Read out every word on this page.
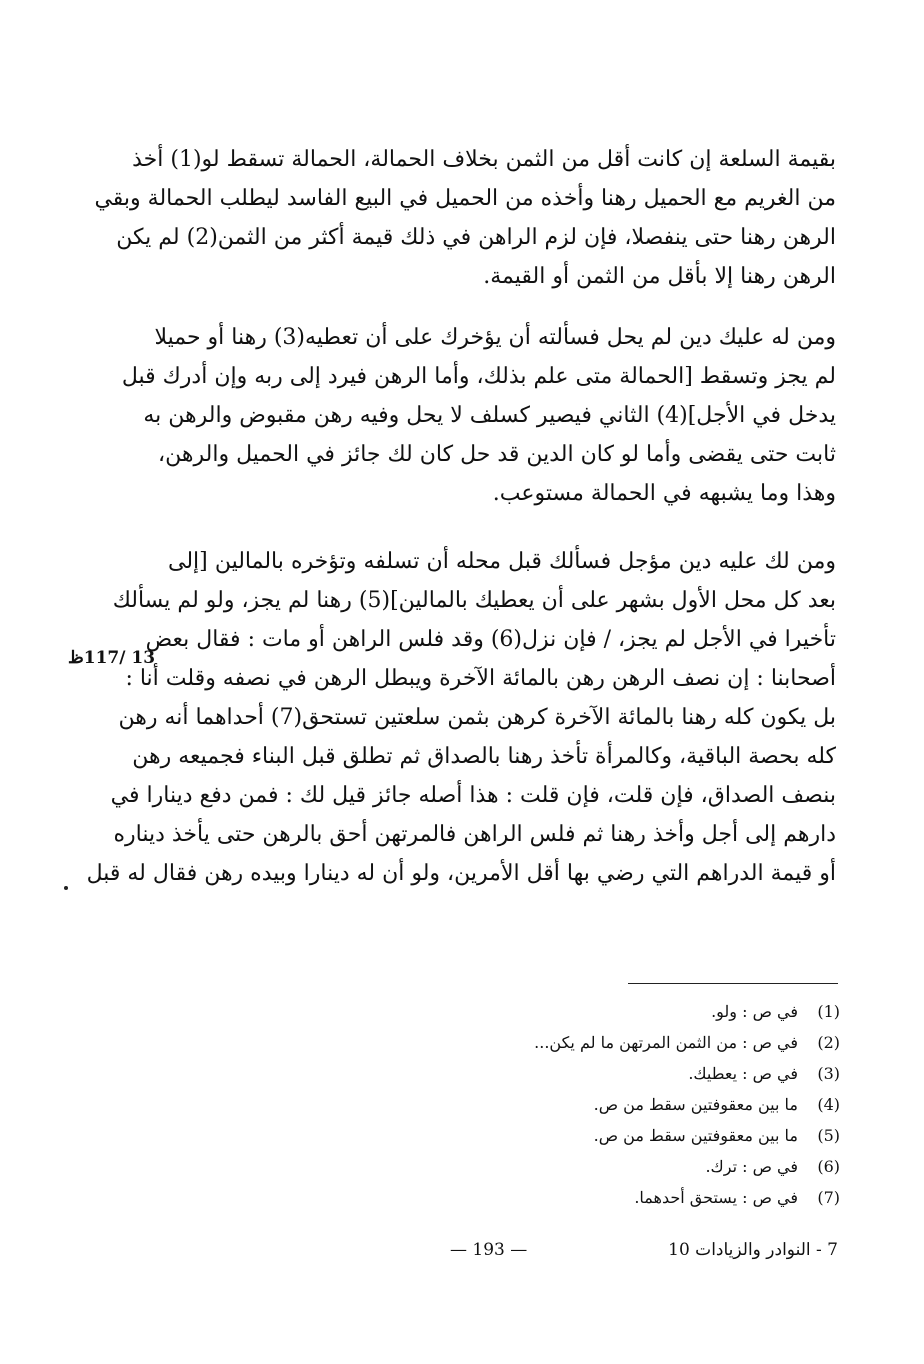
بقيمة السلعة إن كانت أقل من الثمن بخلاف الحمالة، الحمالة تسقط لو(1) أخذ
من الغريم مع الحميل رهنا وأخذه من الحميل في البيع الفاسد ليطلب الحمالة وبقي
الرهن رهنا حتى ينفصلا، فإن لزم الراهن في ذلك قيمة أكثر من الثمن(2) لم يكن
الرهن رهنا إلا بأقل من الثمن أو القيمة.
ومن له عليك دين لم يحل فسألته أن يؤخرك على أن تعطيه(3) رهنا أو حميلا
لم يجز وتسقط [الحمالة متى علم بذلك، وأما الرهن فيرد إلى ربه وإن أدرك قبل
يدخل في الأجل](4) الثاني فيصير كسلف لا يحل وفيه رهن مقبوض والرهن به
ثابت حتى يقضى وأما لو كان الدين قد حل كان لك جائز في الحميل والرهن،
وهذا وما يشبهه في الحمالة مستوعب.
ومن لك عليه دين مؤجل فسألك قبل محله أن تسلفه وتؤخره بالمالين [إلى
بعد كل محل الأول بشهر على أن يعطيك بالمالين](5) رهنا لم يجز، ولو لم يسألك
تأخيرا في الأجل لم يجز، / فإن نزل(6) وقد فلس الراهن أو مات : فقال بعض
أصحابنا : إن نصف الرهن رهن بالمائة الآخرة ويبطل الرهن في نصفه وقلت أنا :
بل يكون كله رهنا بالمائة الآخرة كرهن بثمن سلعتين تستحق(7) أحداهما أنه رهن
كله بحصة الباقية، وكالمرأة تأخذ رهنا بالصداق ثم تطلق قبل البناء فجميعه رهن
بنصف الصداق، فإن قلت، فإن قلت : هذا أصله جائز قيل لك : فمن دفع دينارا في
دارهم إلى أجل وأخذ رهنا ثم فلس الراهن فالمرتهن أحق بالرهن حتى يأخذ ديناره
أو قيمة الدراهم التي رضي بها أقل الأمرين، ولو أن له دينارا وبيده رهن فقال له قبل
13 /117ظ
(1)في ص : ولو.
(2)في ص : من الثمن المرتهن ما لم يكن...
(3)في ص : يعطيك.
(4)ما بين معقوفتين سقط من ص.
(5)ما بين معقوفتين سقط من ص.
(6)في ص : ترك.
(7)في ص : يستحق أحدهما.
— 193 —	7 - النوادر والزيادات 10
